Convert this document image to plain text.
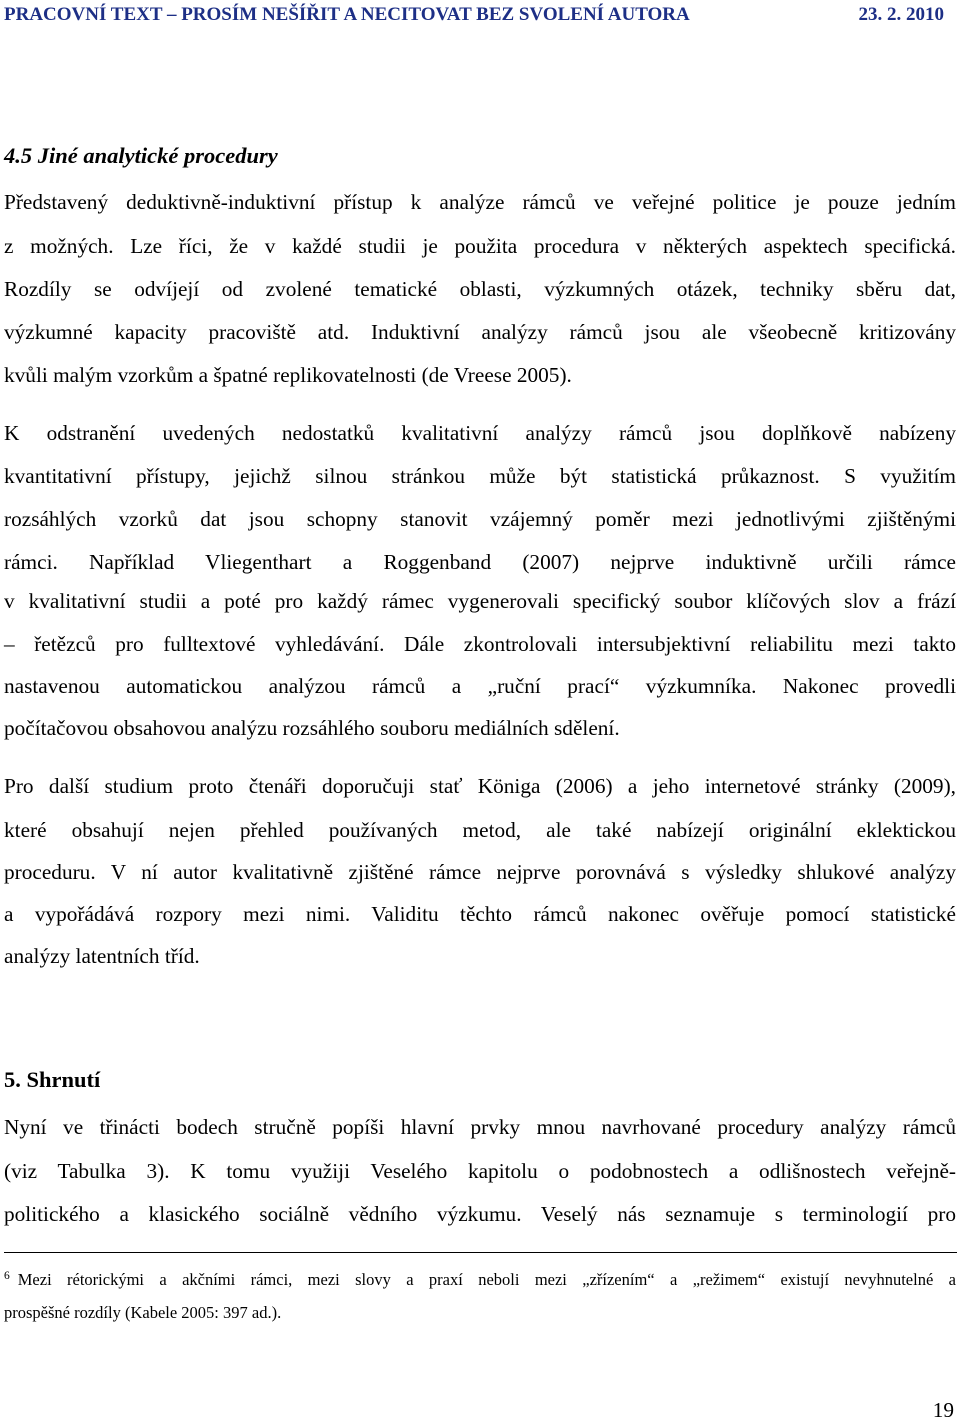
PRACOVNÍ TEXT – PROSÍM NEŠÍŘIT A NECITOVAT BEZ SVOLENÍ AUTORA	23. 2. 2010
4.5 Jiné analytické procedury

Představený deduktivně-induktivní přístup k analýze rámců ve veřejné politice je pouze jedním

z možných. Lze říci, že v každé studii je použita procedura v některých aspektech specifická.

Rozdíly se odvíjejí od zvolené tematické oblasti, výzkumných otázek, techniky sběru dat,

výzkumné kapacity pracoviště atd. Induktivní analýzy rámců jsou ale všeobecně kritizovány

kvůli malým vzorkům a špatné replikovatelnosti (de Vreese 2005).

K odstranění uvedených nedostatků kvalitativní analýzy rámců jsou doplňkově nabízeny

kvantitativní přístupy, jejichž silnou stránkou může být statistická průkaznost. S využitím

rozsáhlých vzorků dat jsou schopny stanovit vzájemný poměr mezi jednotlivými zjištěnými

rámci. Například Vliegenthart a Roggenband (2007) nejprve induktivně určili rámce

v kvalitativní studii a poté pro každý rámec vygenerovali specifický soubor klíčových slov a frází

– řetězců pro fulltextové vyhledávání. Dále zkontrolovali intersubjektivní reliabilitu mezi takto

nastavenou automatickou analýzou rámců a „ruční prací“ výzkumníka. Nakonec provedli

počítačovou obsahovou analýzu rozsáhlého souboru mediálních sdělení.

Pro další studium proto čtenáři doporučuji stať Königa (2006) a jeho internetové stránky (2009),

které obsahují nejen přehled používaných metod, ale také nabízejí originální eklektickou

proceduru. V ní autor kvalitativně zjištěné rámce nejprve porovnává s výsledky shlukové analýzy

a vypořádává rozpory mezi nimi. Validitu těchto rámců nakonec ověřuje pomocí statistické

analýzy latentních tříd.

5. Shrnutí

Nyní ve třinácti bodech stručně popíši hlavní prvky mnou navrhované procedury analýzy rámců

(viz Tabulka 3). K tomu využiji Veselého kapitolu o podobnostech a odlišnostech veřejně-

politického a klasického sociálně vědního výzkumu. Veselý nás seznamuje s terminologií pro

$^6$ Mezi rétorickými a akčními rámci, mezi slovy a praxí neboli mezi „zřízením“ a „režimem“ existují nevyhnutelné a

prospěšné rozdíly (Kabele 2005: 397 ad.).

19
